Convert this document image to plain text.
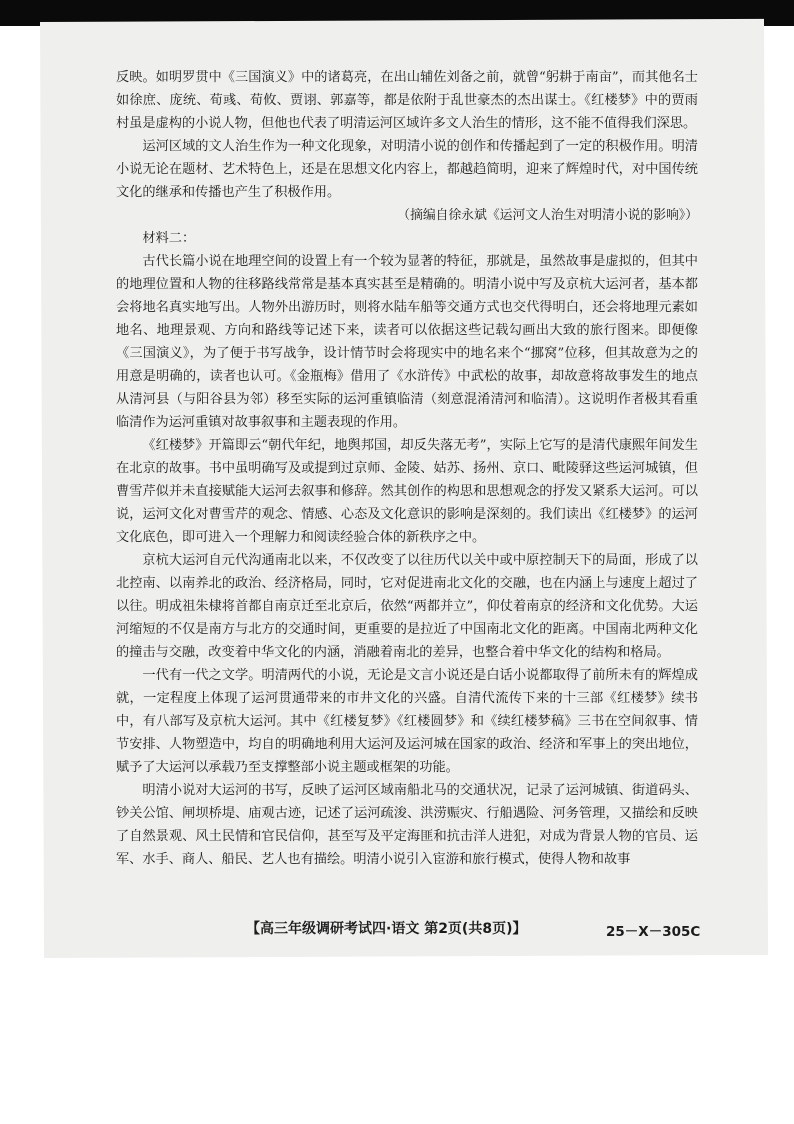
反映。如明罗贯中《三国演义》中的诸葛亮，在出山辅佐刘备之前，就曾“躬耕于南亩”，而其他名士如徐庶、庞统、荀彧、荀攸、贾诩、郭嘉等，都是依附于乱世豪杰的杰出谋士。《红楼梦》中的贾雨村虽是虚构的小说人物，但他也代表了明清运河区域许多文人治生的情形，这不能不值得我们深思。

运河区域的文人治生作为一种文化现象，对明清小说的创作和传播起到了一定的积极作用。明清小说无论在题材、艺术特色上，还是在思想文化内容上，都越趋简明，迎来了辉煌时代，对中国传统文化的继承和传播也产生了积极作用。

（摘编自徐永斌《运河文人治生对明清小说的影响》）

材料二：

古代长篇小说在地理空间的设置上有一个较为显著的特征，那就是，虽然故事是虚拟的，但其中的地理位置和人物的往移路线常常是基本真实甚至是精确的。明清小说中写及京杭大运河者，基本都会将地名真实地写出。人物外出游历时，则将水陆车船等交通方式也交代得明白，还会将地理元素如地名、地理景观、方向和路线等记述下来，读者可以依据这些记载勾画出大致的旅行图来。即便像《三国演义》，为了便于书写战争，设计情节时会将现实中的地名来个“挪窝”位移，但其故意为之的用意是明确的，读者也认可。《金瓶梅》借用了《水浒传》中武松的故事，却故意将故事发生的地点从清河县（与阳谷县为邻）移至实际的运河重镇临清（刻意混淆清河和临清）。这说明作者极其看重临清作为运河重镇对故事叙事和主题表现的作用。

《红楼梦》开篇即云“朝代年纪，地舆邦国，却反失落无考”，实际上它写的是清代康熙年间发生在北京的故事。书中虽明确写及或提到过京师、金陵、姑苏、扬州、京口、毗陵驿这些运河城镇，但曹雪芹似并未直接赋能大运河去叙事和修辞。然其创作的构思和思想观念的抒发又紧系大运河。可以说，运河文化对曹雪芹的观念、情感、心态及文化意识的影响是深刻的。我们读出《红楼梦》的运河文化底色，即可进入一个理解力和阅读经验合体的新秩序之中。

京杭大运河自元代沟通南北以来，不仅改变了以往历代以关中或中原控制天下的局面，形成了以北控南、以南养北的政治、经济格局，同时，它对促进南北文化的交融，也在内涵上与速度上超过了以往。明成祖朱棣将首都自南京迁至北京后，依然“两都并立”，仰仗着南京的经济和文化优势。大运河缩短的不仅是南方与北方的交通时间，更重要的是拉近了中国南北文化的距离。中国南北两种文化的撞击与交融，改变着中华文化的内涵，消融着南北的差异，也整合着中华文化的结构和格局。

一代有一代之文学。明清两代的小说，无论是文言小说还是白话小说都取得了前所未有的辉煌成就，一定程度上体现了运河贯通带来的市井文化的兴盛。自清代流传下来的十三部《红楼梦》续书中，有八部写及京杭大运河。其中《红楼复梦》《红楼圆梦》和《续红楼梦稿》三书在空间叙事、情节安排、人物塑造中，均自的明确地利用大运河及运河城在国家的政治、经济和军事上的突出地位，赋予了大运河以承载乃至支撑整部小说主题或框架的功能。

明清小说对大运河的书写，反映了运河区域南船北马的交通状况，记录了运河城镇、街道码头、钞关公馆、闸坝桥堤、庙观古迹，记述了运河疏浚、洪涝赈灾、行船遇险、河务管理，又描绘和反映了自然景观、风土民情和官民信仰，甚至写及平定海匪和抗击洋人进犯，对成为背景人物的官员、运军、水手、商人、船民、艺人也有描绘。明清小说引入宦游和旅行模式，使得人物和故事

【高三年级调研考试四·语文 第2页(共8页)】	25－X－305C
